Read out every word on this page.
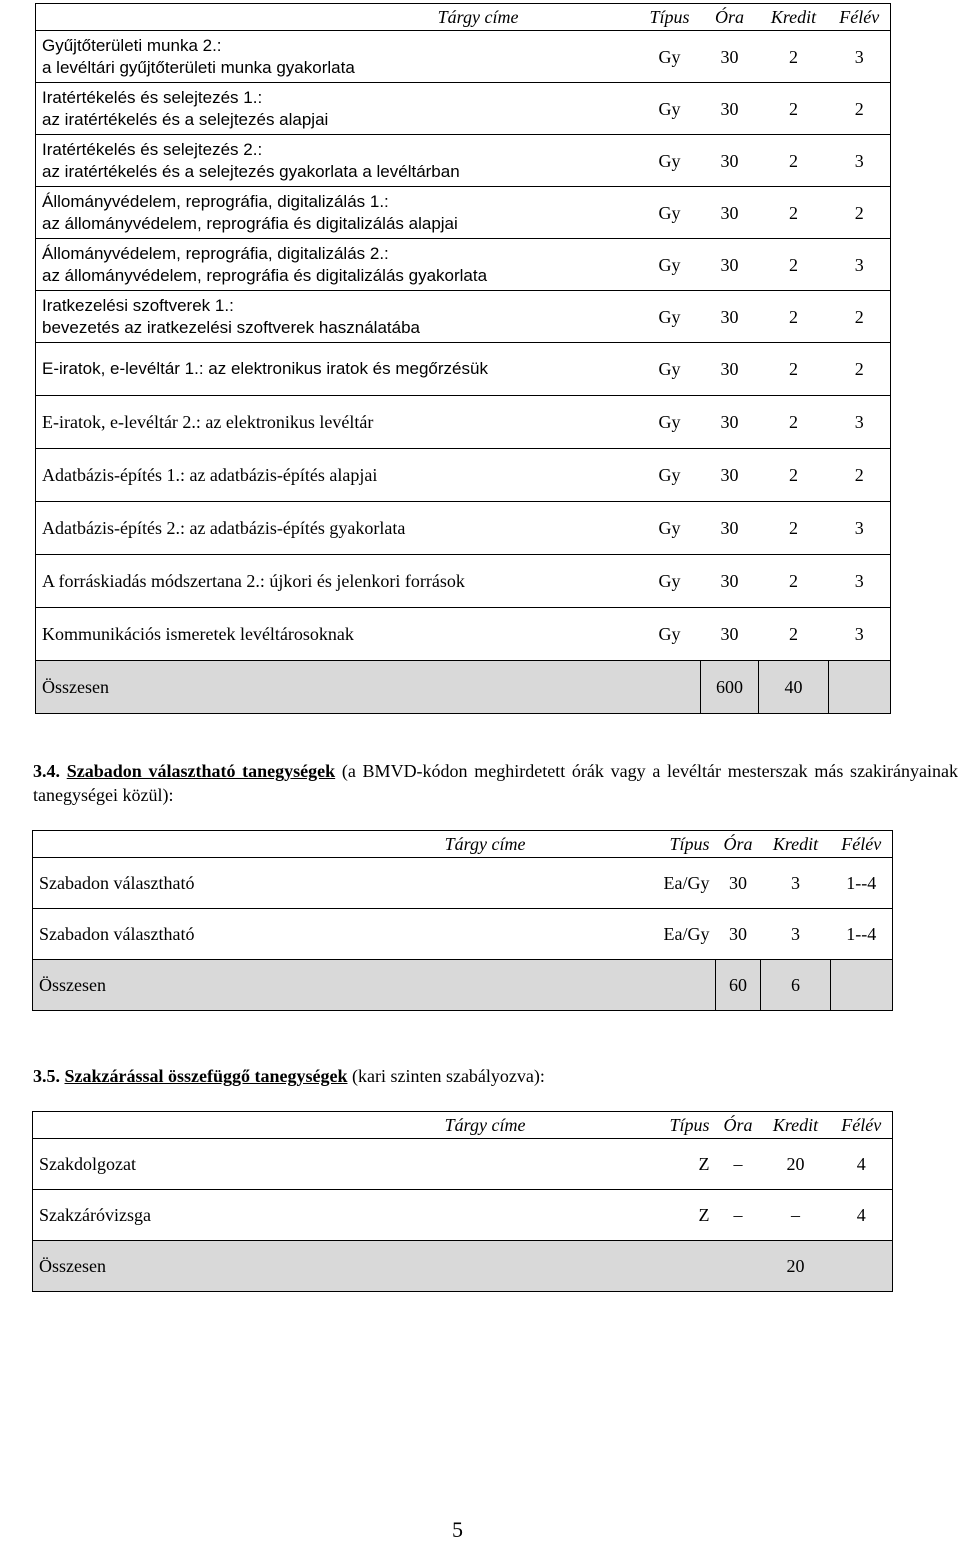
Tárgy címe	Típus	Óra	Kredit	Félév

Gyűjtőterületi munka 2.:
a levéltári gyűjtőterületi munka gyakorlata	Gy	30	2	3

Iratértékelés és selejtezés 1.:
az iratértékelés és a selejtezés alapjai	Gy	30	2	2

Iratértékelés és selejtezés 2.:
az iratértékelés és a selejtezés gyakorlata a levéltárban	Gy	30	2	3

Állományvédelem, reprográfia, digitalizálás 1.:
az állományvédelem, reprográfia és digitalizálás alapjai	Gy	30	2	2

Állományvédelem, reprográfia, digitalizálás 2.:
az állományvédelem, reprográfia és digitalizálás gyakorlata	Gy	30	2	3

Iratkezelési szoftverek 1.:
bevezetés az iratkezelési szoftverek használatába	Gy	30	2	2
E-iratok, e-levéltár 1.: az elektronikus iratok és megőrzésük	Gy	30	2	2
E-iratok, e-levéltár 2.: az elektronikus levéltár	Gy	30	2	3
Adatbázis-építés 1.: az adatbázis-építés alapjai	Gy	30	2	2
Adatbázis-építés 2.: az adatbázis-építés gyakorlata	Gy	30	2	3
A forráskiadás módszertana 2.: újkori és jelenkori források	Gy	30	2	3
Kommunikációs ismeretek levéltárosoknak	Gy	30	2	3
Összesen		600	40	
3.4. Szabadon választható tanegységek (a BMVD-kódon meghirdetett órák vagy a levéltár mesterszak más szakirányainak tanegységei közül):
Tárgy címe	Típus	Óra	Kredit	Félév
Szabadon választható	Ea/Gy	30	3	1--4
Szabadon választható	Ea/Gy	30	3	1--4
Összesen		60	6	
3.5. Szakzárással összefüggő tanegységek (kari szinten szabályozva):
Tárgy címe	Típus	Óra	Kredit	Félév
Szakdolgozat	Z	–	20	4
Szakzáróvizsga	Z	–	–	4
Összesen			20	
5
